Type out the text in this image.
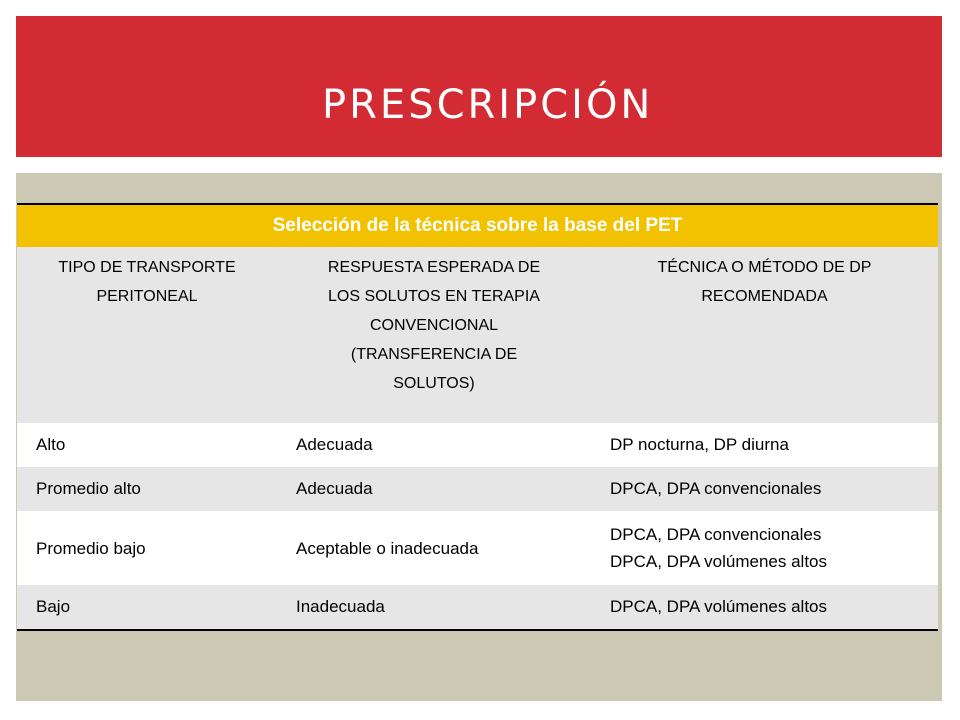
PRESCRIPCIÓN
Selección de la técnica sobre la base del PET		
TIPO DE TRANSPORTE PERITONEAL	RESPUESTA ESPERADA DE LOS SOLUTOS EN TERAPIA CONVENCIONAL (TRANSFERENCIA DE SOLUTOS)	TÉCNICA O MÉTODO DE DP RECOMENDADA
Alto	Adecuada	DP nocturna, DP diurna

Promedio alto	Adecuada	DPCA, DPA convencionales

Promedio bajo	Aceptable o inadecuada	DPCA, DPA convencionales
DPCA, DPA volúmenes altos

Bajo	Inadecuada	DPCA, DPA volúmenes altos
